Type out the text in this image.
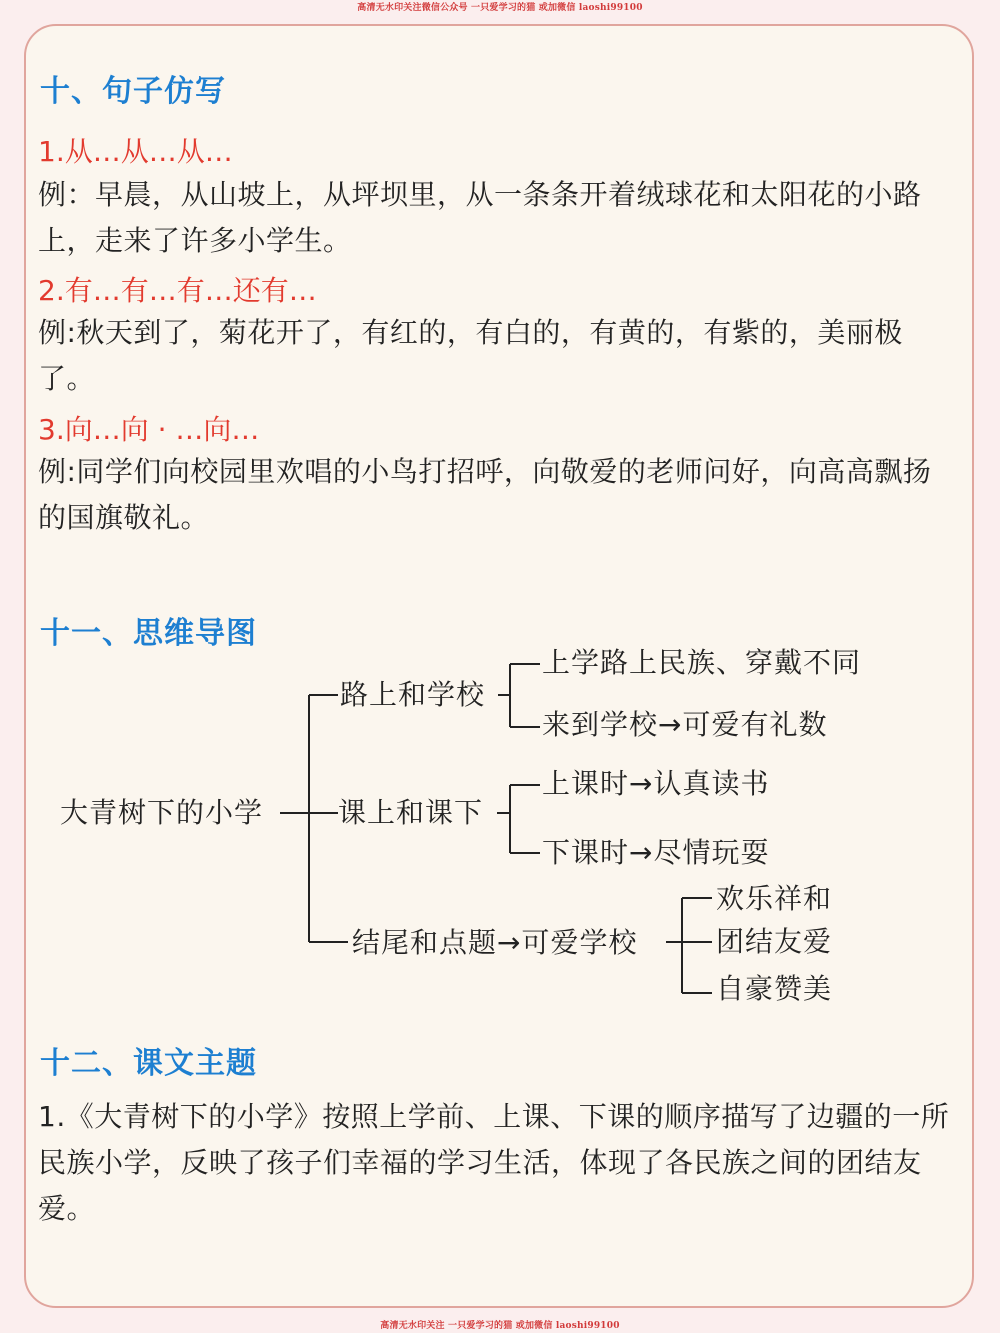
高清无水印关注微信公众号 一只爱学习的猫 或加微信 laoshi99100
十、句子仿写

1.从…从…从…

例：早晨，从山坡上，从坪坝里，从一条条开着绒球花和太阳花的小路上，走来了许多小学生。

2.有…有…有…还有…

例:秋天到了，菊花开了，有红的，有白的，有黄的，有紫的，美丽极了。

3.向…向 · …向…

例:同学们向校园里欢唱的小鸟打招呼，向敬爱的老师问好，向高高飘扬的国旗敬礼。

十一、思维导图
大青树下的小学
路上和学校
上学路上民族、穿戴不同
来到学校→可爱有礼数
课上和课下
上课时→认真读书
下课时→尽情玩耍
结尾和点题→可爱学校
欢乐祥和
团结友爱
自豪赞美
十二、课文主题

1.《大青树下的小学》按照上学前、上课、下课的顺序描写了边疆的一所民族小学，反映了孩子们幸福的学习生活，体现了各民族之间的团结友爱。

高清无水印关注 一只爱学习的猫 或加微信 laoshi99100
